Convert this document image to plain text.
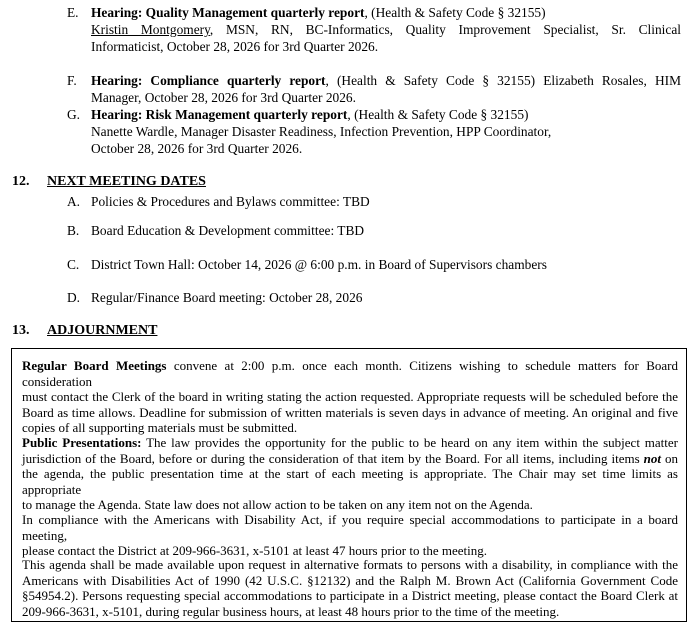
E. Hearing: Quality Management quarterly report, (Health & Safety Code § 32155)
Kristin Montgomery, MSN, RN, BC-Informatics, Quality Improvement Specialist, Sr. Clinical
Informaticist, October 28, 2026 for 3rd Quarter 2026.
F. Hearing: Compliance quarterly report, (Health & Safety Code § 32155) Elizabeth Rosales, HIM
Manager, October 28, 2026 for 3rd Quarter 2026.
G. Hearing: Risk Management quarterly report, (Health & Safety Code § 32155)
Nanette Wardle, Manager Disaster Readiness, Infection Prevention, HPP Coordinator,
October 28, 2026 for 3rd Quarter 2026.
12. NEXT MEETING DATES
A. Policies & Procedures and Bylaws committee: TBD
B. Board Education & Development committee: TBD
C. District Town Hall: October 14, 2026 @ 6:00 p.m. in Board of Supervisors chambers
D. Regular/Finance Board meeting: October 28, 2026
13. ADJOURNMENT
Regular Board Meetings convene at 2:00 p.m. once each month. Citizens wishing to schedule matters for Board consideration
must contact the Clerk of the board in writing stating the action requested. Appropriate requests will be scheduled before the
Board as time allows. Deadline for submission of written materials is seven days in advance of meeting. An original and five
copies of all supporting materials must be submitted.
Public Presentations: The law provides the opportunity for the public to be heard on any item within the subject matter
jurisdiction of the Board, before or during the consideration of that item by the Board. For all items, including items not on
the agenda, the public presentation time at the start of each meeting is appropriate. The Chair may set time limits as appropriate
to manage the Agenda. State law does not allow action to be taken on any item not on the Agenda.
In compliance with the Americans with Disability Act, if you require special accommodations to participate in a board meeting,
please contact the District at 209-966-3631, x-5101 at least 47 hours prior to the meeting.
This agenda shall be made available upon request in alternative formats to persons with a disability, in compliance with the
Americans with Disabilities Act of 1990 (42 U.S.C. §12132) and the Ralph M. Brown Act (California Government Code
§54954.2). Persons requesting special accommodations to participate in a District meeting, please contact the Board Clerk at
209-966-3631, x-5101, during regular business hours, at least 48 hours prior to the time of the meeting.
